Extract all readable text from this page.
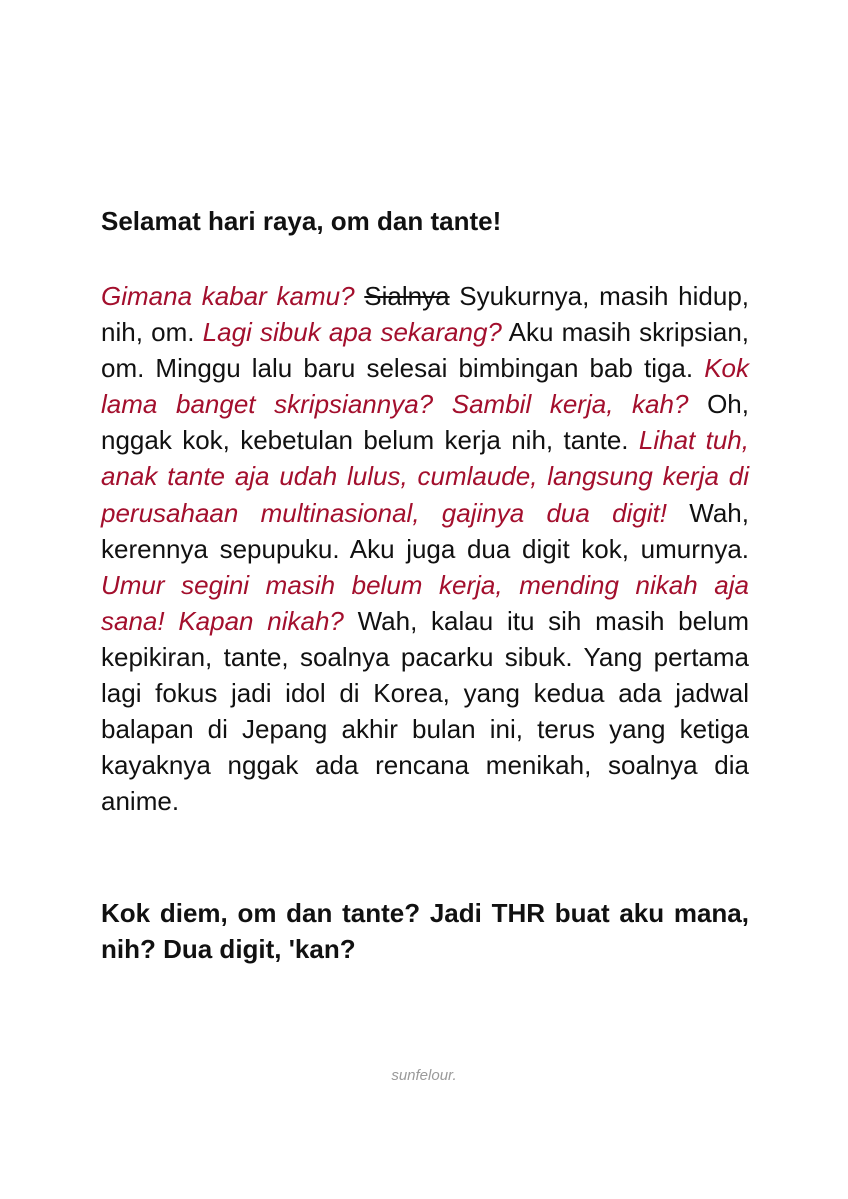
Selamat hari raya, om dan tante!

Gimana kabar kamu? Sialnya Syukurnya, masih hidup, nih, om. Lagi sibuk apa sekarang? Aku masih skripsian, om. Minggu lalu baru selesai bimbingan bab tiga. Kok lama banget skripsiannya? Sambil kerja, kah? Oh, nggak kok, kebetulan belum kerja nih, tante. Lihat tuh, anak tante aja udah lulus, cumlaude, langsung kerja di perusahaan multinasional, gajinya dua digit! Wah, kerennya sepupuku. Aku juga dua digit kok, umurnya. Umur segini masih belum kerja, mending nikah aja sana! Kapan nikah? Wah, kalau itu sih masih belum kepikiran, tante, soalnya pacarku sibuk. Yang pertama lagi fokus jadi idol di Korea, yang kedua ada jadwal balapan di Jepang akhir bulan ini, terus yang ketiga kayaknya nggak ada rencana menikah, soalnya dia anime.

Kok diem, om dan tante? Jadi THR buat aku mana, nih? Dua digit, 'kan?

sunfelour.
